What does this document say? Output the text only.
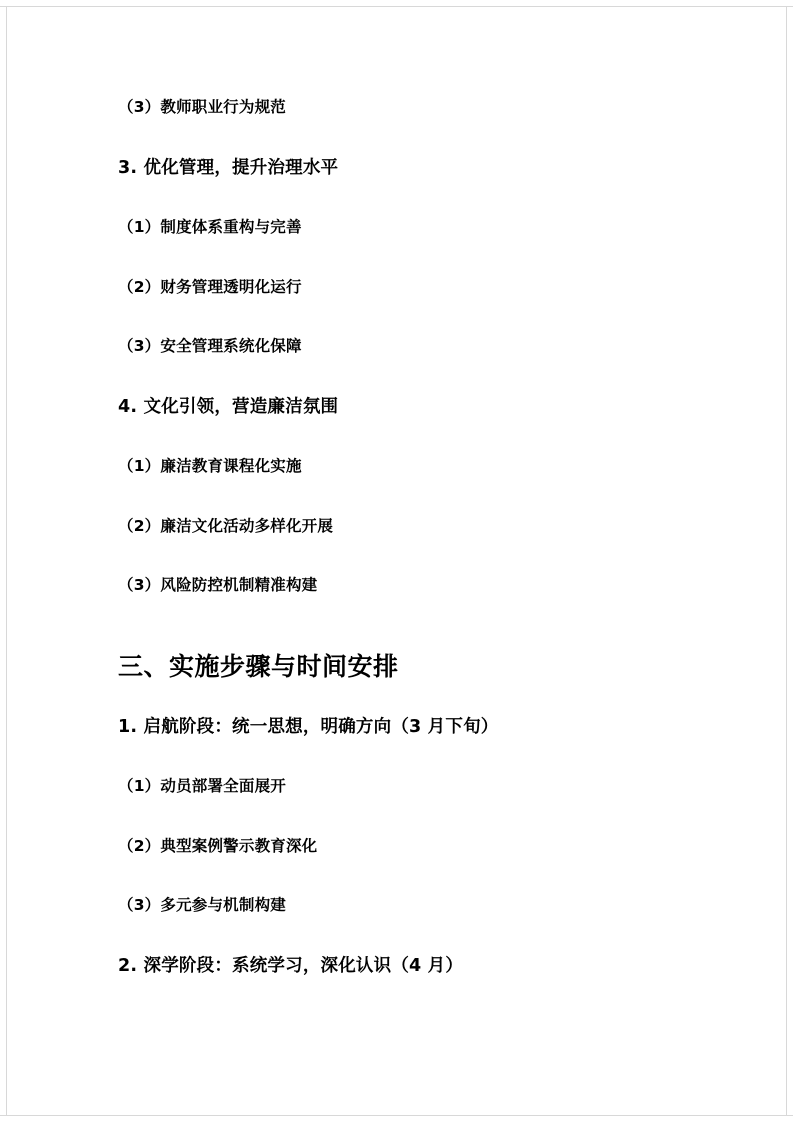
（3）教师职业行为规范

3. 优化管理，提升治理水平

（1）制度体系重构与完善

（2）财务管理透明化运行

（3）安全管理系统化保障

4. 文化引领，营造廉洁氛围

（1）廉洁教育课程化实施

（2）廉洁文化活动多样化开展

（3）风险防控机制精准构建

三、实施步骤与时间安排

1. 启航阶段：统一思想，明确方向（3 月下旬）

（1）动员部署全面展开

（2）典型案例警示教育深化

（3）多元参与机制构建

2. 深学阶段：系统学习，深化认识（4 月）
